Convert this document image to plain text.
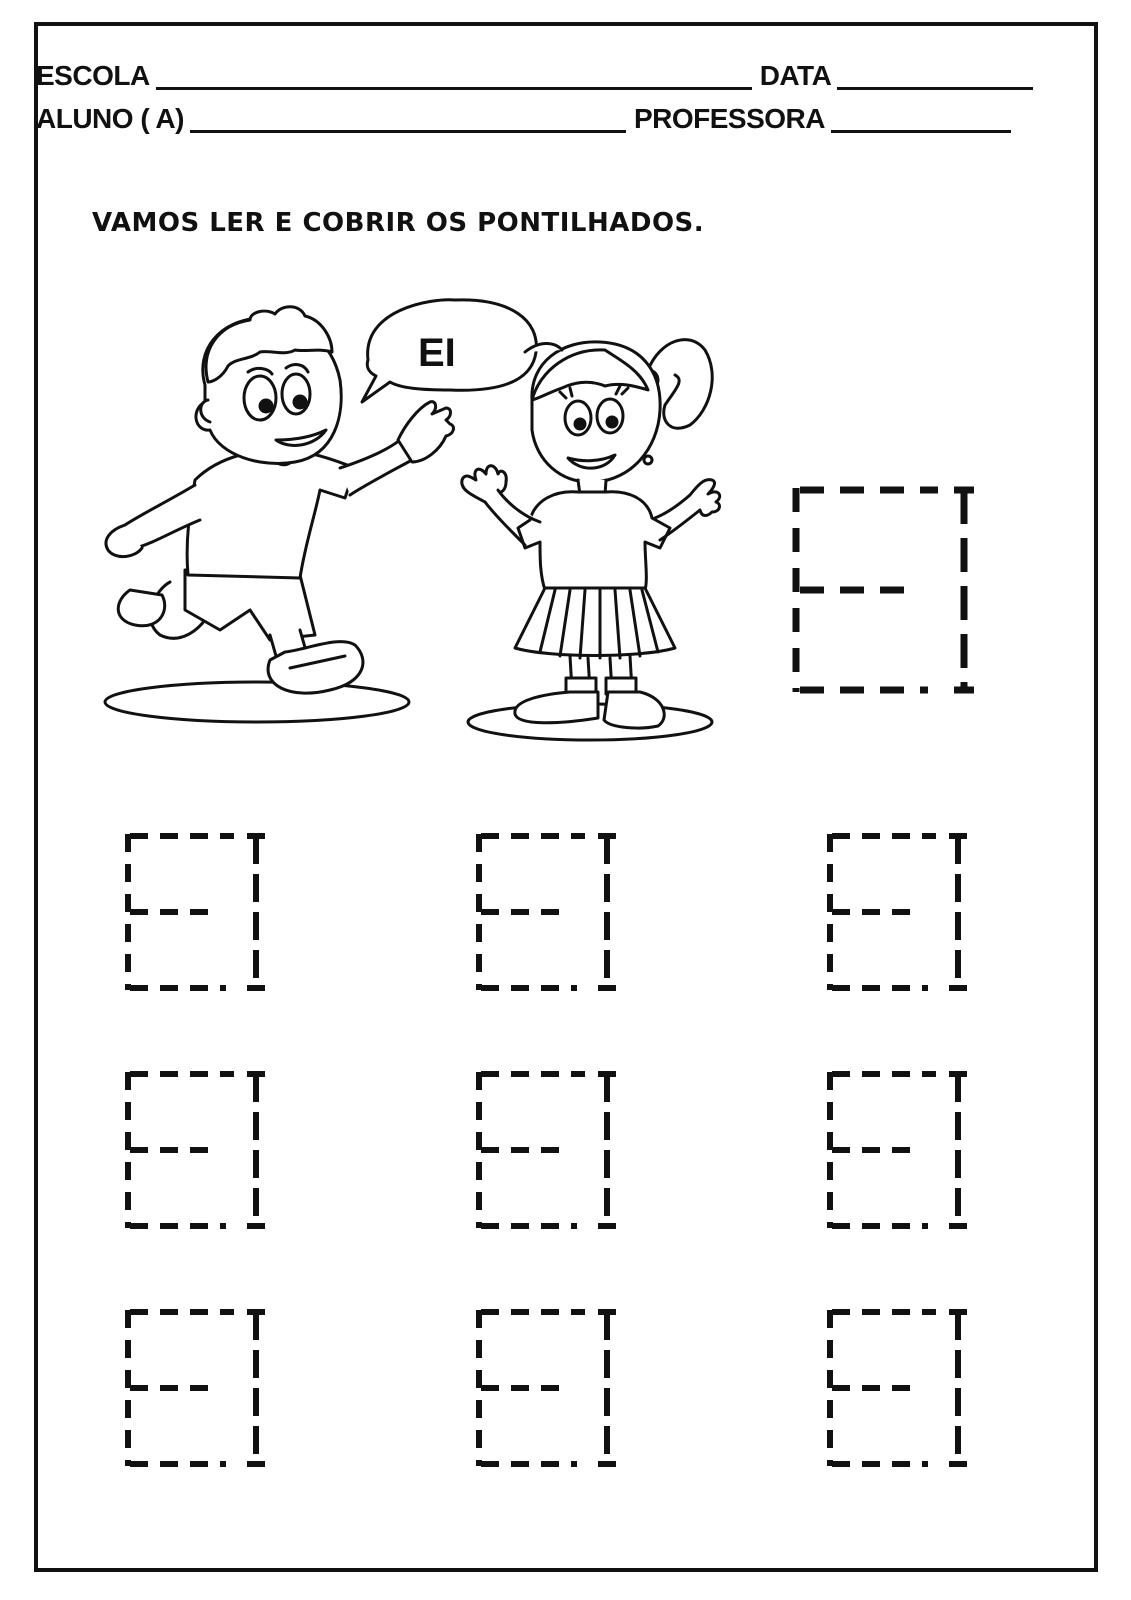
ESCOLA	DATA
ALUNO ( A)	PROFESSORA
VAMOS LER E COBRIR OS PONTILHADOS.
EI
